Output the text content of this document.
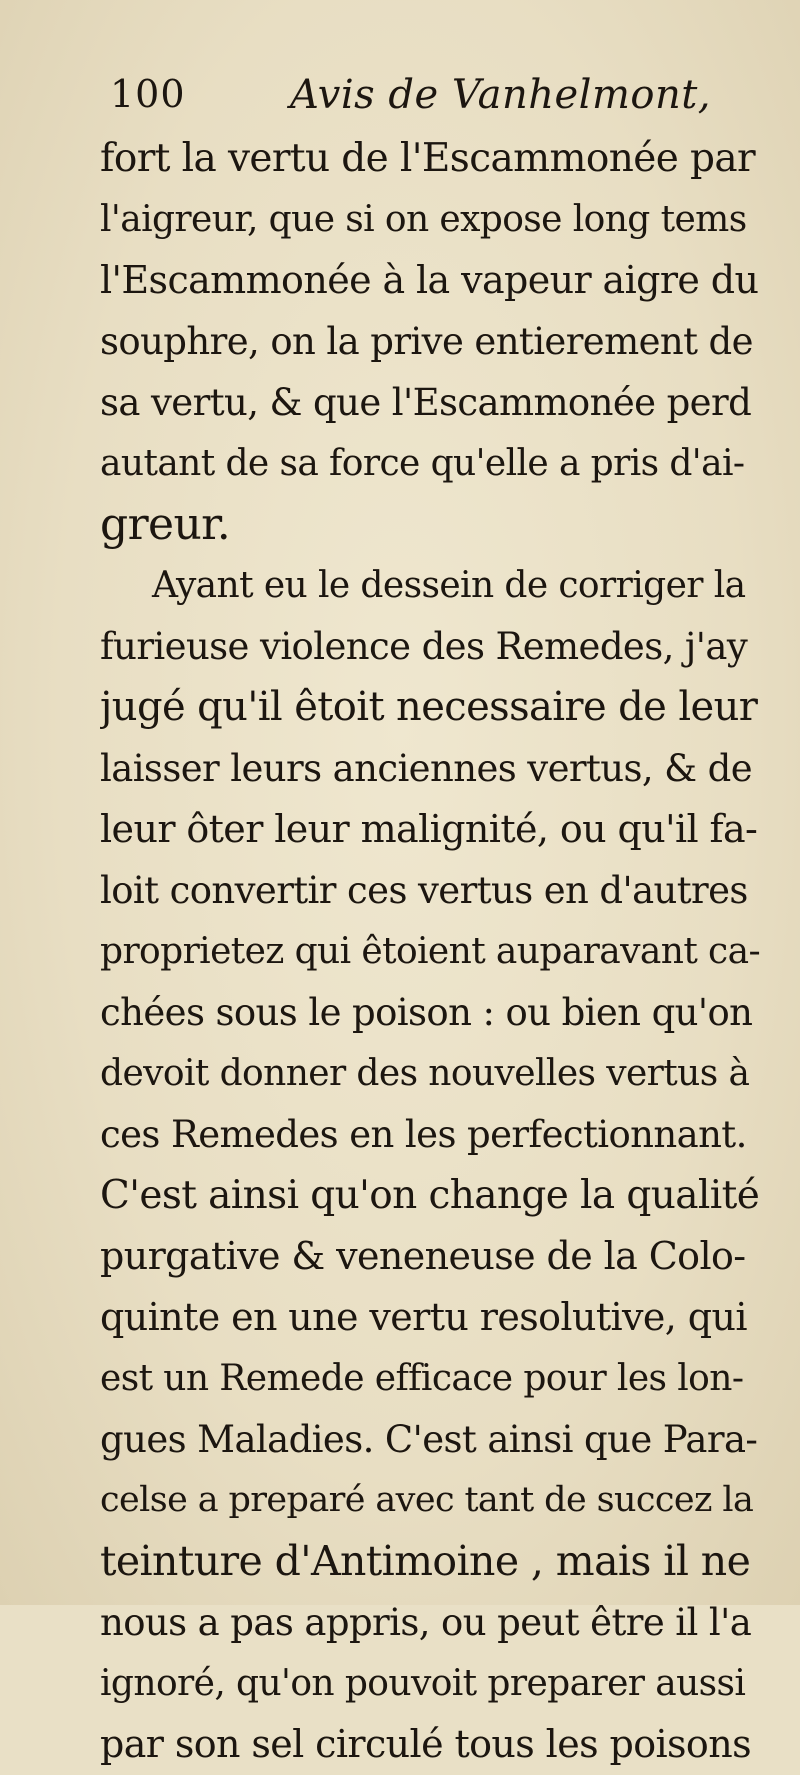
100	Avis de Vanhelmont,
fort la vertu de l'Escammonée par
l'aigreur, que si on expose long tems
l'Escammonée à la vapeur aigre du
souphre, on la prive entierement de
sa vertu, & que l'Escammonée perd
autant de sa force qu'elle a pris d'ai-
greur.
Ayant eu le dessein de corriger la
furieuse violence des Remedes, j'ay
jugé qu'il êtoit necessaire de leur
laisser leurs anciennes vertus, & de
leur ôter leur malignité, ou qu'il fa-
loit convertir ces vertus en d'autres
proprietez qui êtoient auparavant ca-
chées sous le poison : ou bien qu'on
devoit donner des nouvelles vertus à
ces Remedes en les perfectionnant.
C'est ainsi qu'on change la qualité
purgative & veneneuse de la Colo-
quinte en une vertu resolutive, qui
est un Remede efficace pour les lon-
gues Maladies. C'est ainsi que Para-
celse a preparé avec tant de succez la
teinture d'Antimoine , mais il ne
nous a pas appris, ou peut être il l'a
ignoré, qu'on pouvoit preparer aussi
par son sel circulé tous les poisons
